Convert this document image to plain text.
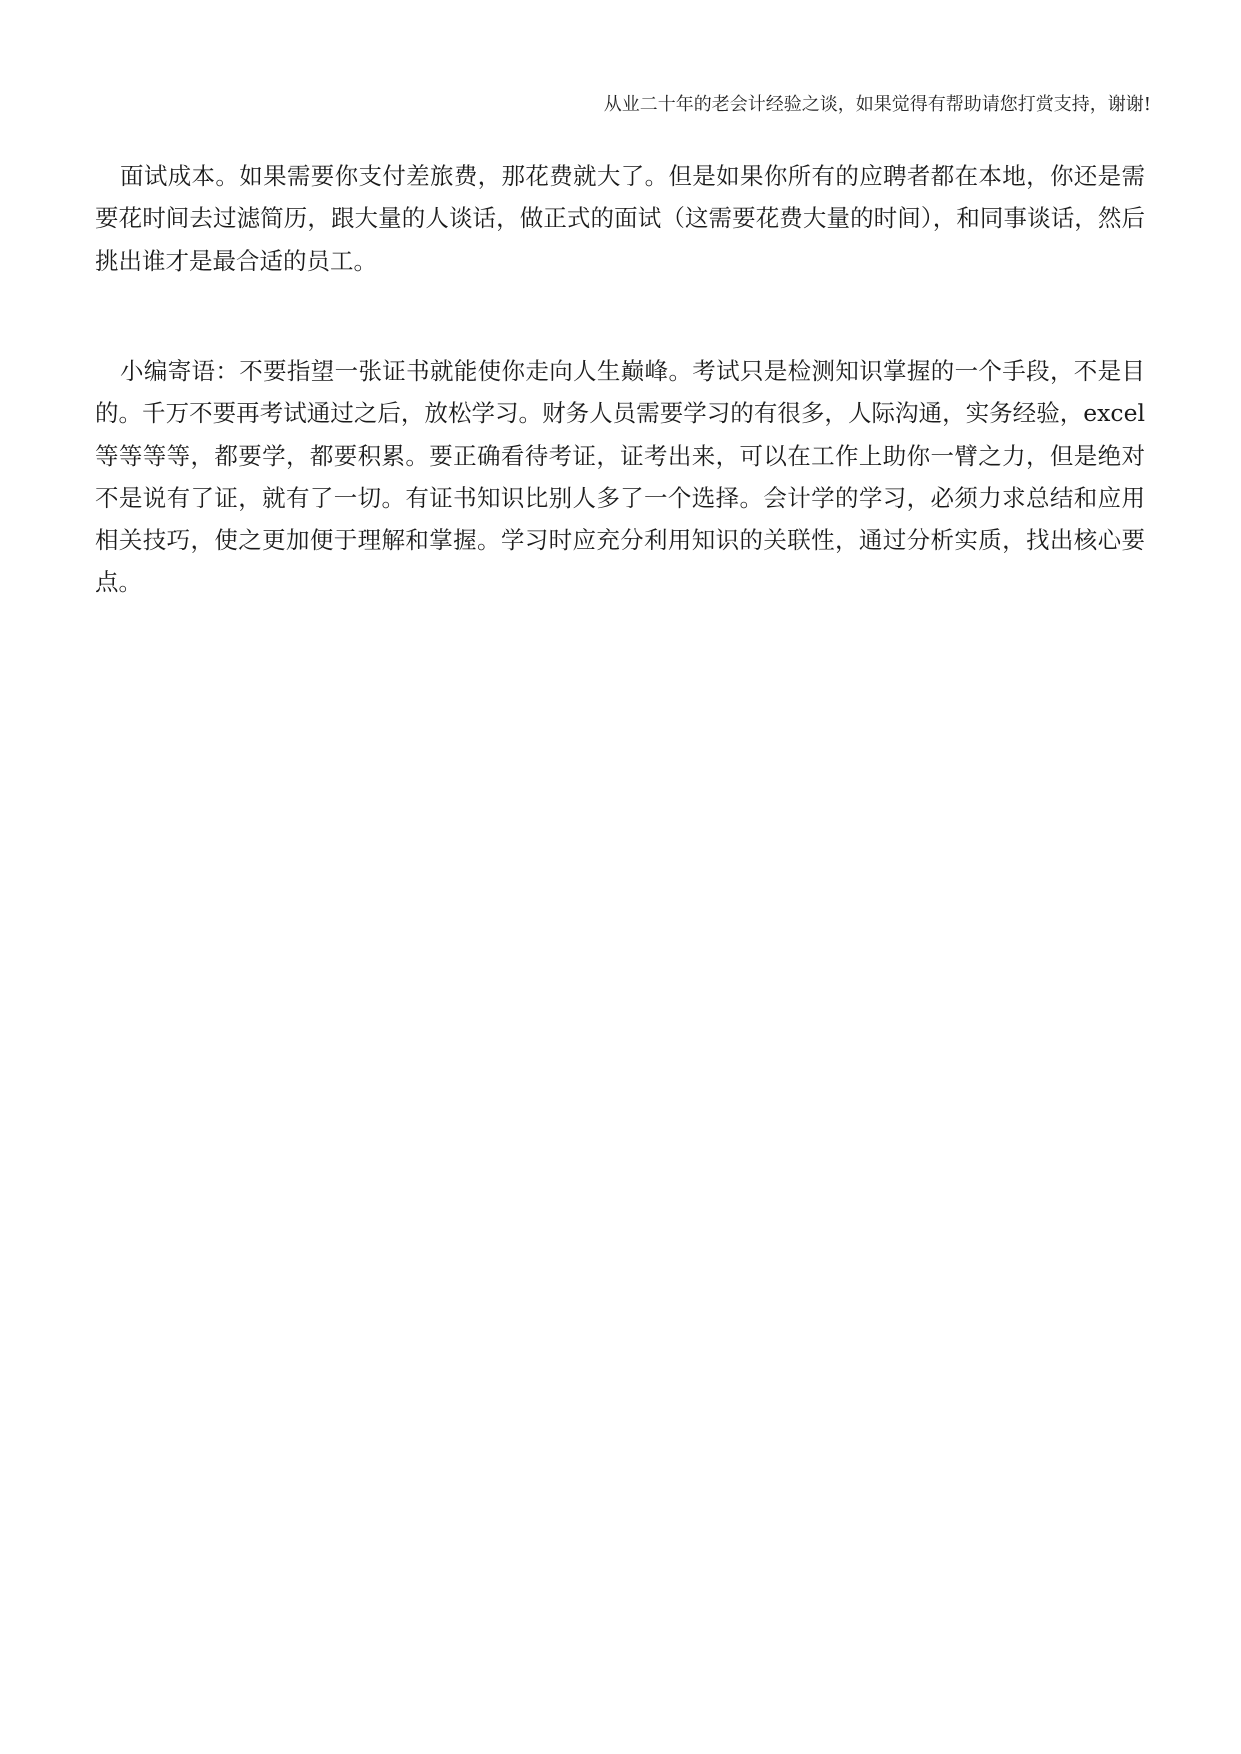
从业二十年的老会计经验之谈，如果觉得有帮助请您打赏支持，谢谢!

面试成本。如果需要你支付差旅费，那花费就大了。但是如果你所有的应聘者都在本地，你还是需要花时间去过滤简历，跟大量的人谈话，做正式的面试（这需要花费大量的时间），和同事谈话，然后挑出谁才是最合适的员工。

小编寄语：不要指望一张证书就能使你走向人生巅峰。考试只是检测知识掌握的一个手段，不是目的。千万不要再考试通过之后，放松学习。财务人员需要学习的有很多，人际沟通，实务经验，excel 等等等等，都要学，都要积累。要正确看待考证，证考出来，可以在工作上助你一臂之力，但是绝对不是说有了证，就有了一切。有证书知识比别人多了一个选择。会计学的学习，必须力求总结和应用相关技巧，使之更加便于理解和掌握。学习时应充分利用知识的关联性，通过分析实质，找出核心要点。
